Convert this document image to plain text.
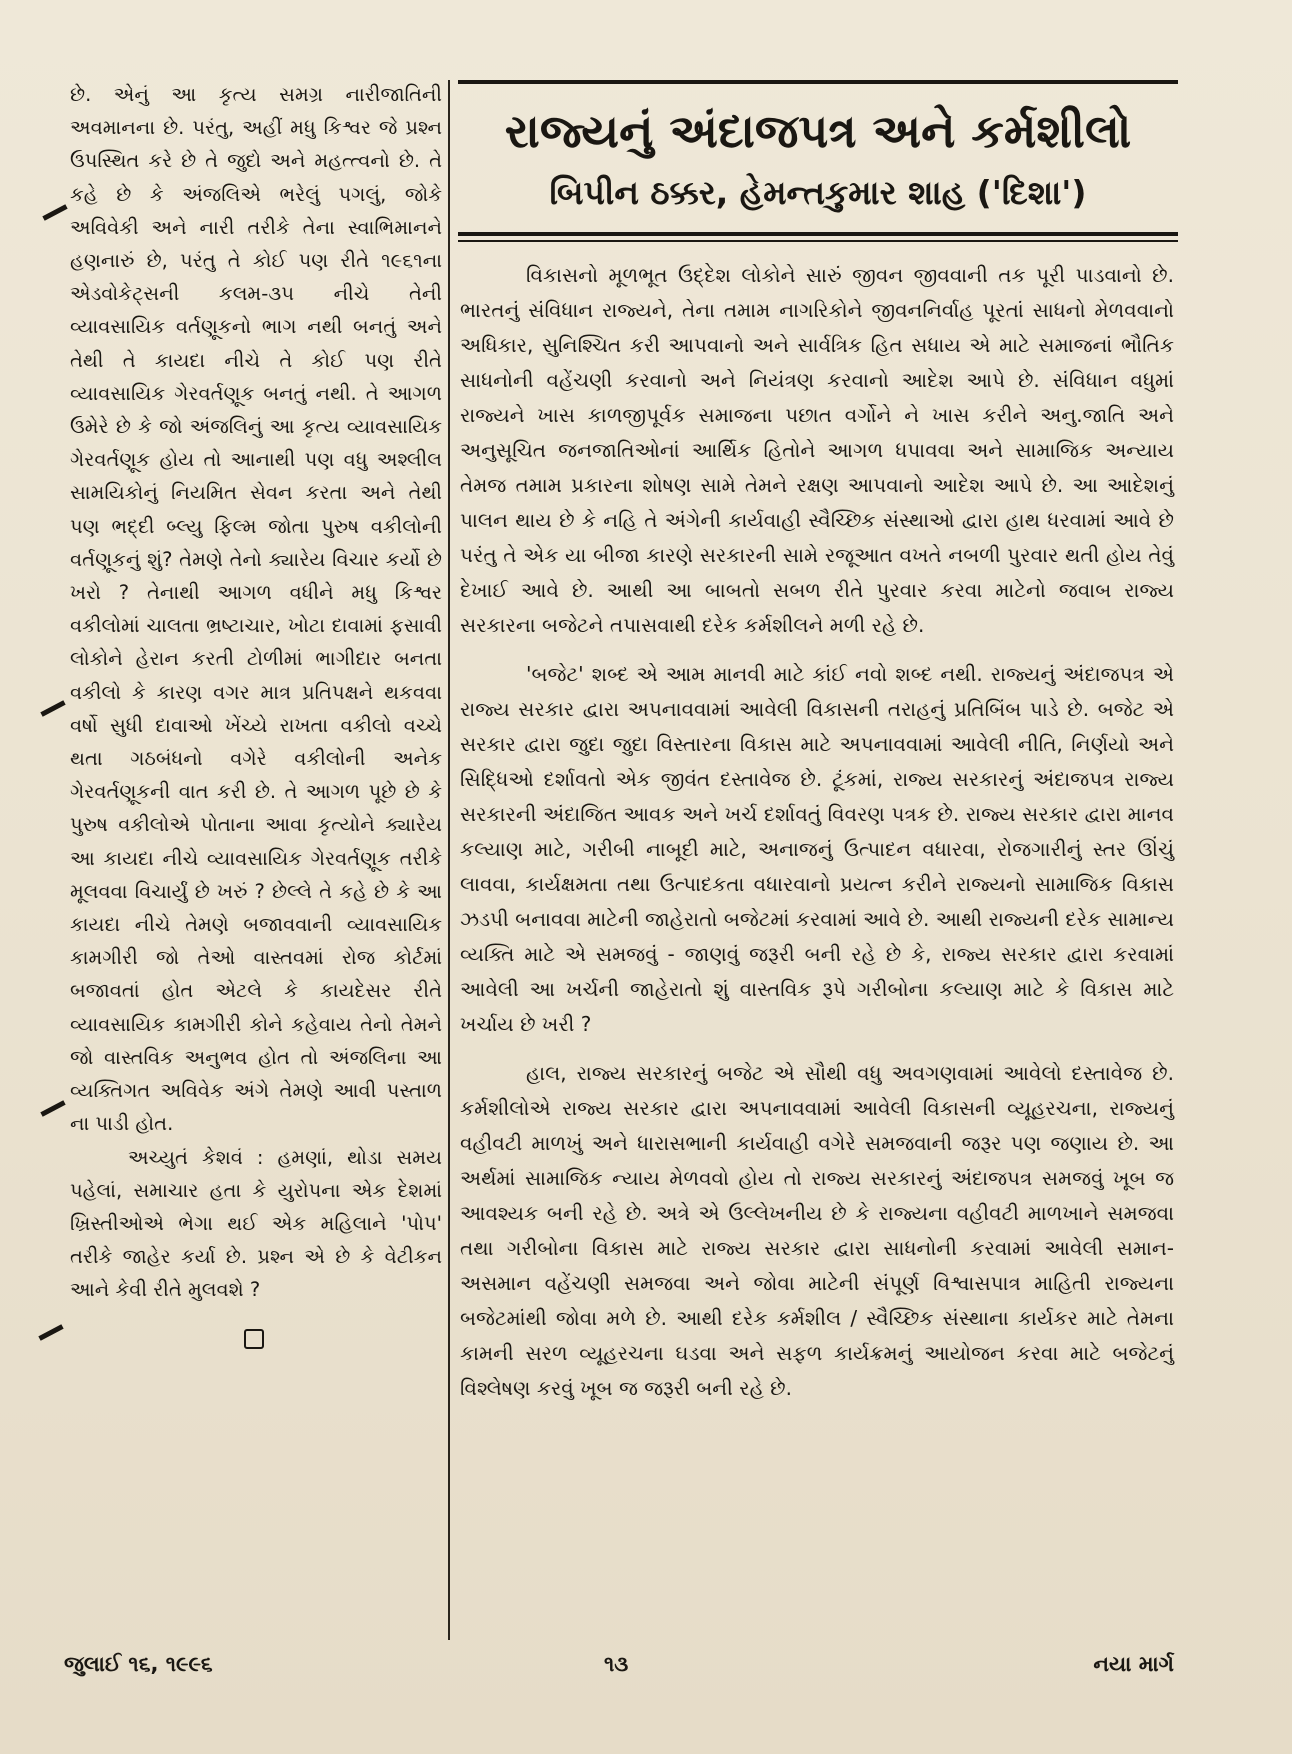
છે. એનું આ કૃત્ય સમગ્ર નારીજાતિની અવમાનના છે. પરંતુ, અહીં મધુ કિશ્વર જે પ્રશ્ન ઉપસ્થિત કરે છે તે જુદો અને મહત્ત્વનો છે. તે કહે છે કે અંજલિએ ભરેલું પગલું, જોકે અવિવેકી અને નારી તરીકે તેના સ્વાભિમાનને હણનારું છે, પરંતુ તે કોઈ પણ રીતે ૧૯૬૧ના એડવોકેટ્સની કલમ-૩૫ નીચે તેની વ્યાવસાયિક વર્તણૂકનો ભાગ નથી બનતું અને તેથી તે કાયદા નીચે તે કોઈ પણ રીતે વ્યાવસાયિક ગેરવર્તણૂક બનતું નથી. તે આગળ ઉમેરે છે કે જો અંજલિનું આ કૃત્ય વ્યાવસાયિક ગેરવર્તણૂક હોય તો આનાથી પણ વધુ અશ્લીલ સામયિકોનું નિયમિત સેવન કરતા અને તેથી પણ ભદ્દી બ્લ્યુ ફિલ્મ જોતા પુરુષ વકીલોની વર્તણૂકનું શું? તેમણે તેનો ક્યારેય વિચાર કર્યો છે ખરો ? તેનાથી આગળ વધીને મધુ કિશ્વર વકીલોમાં ચાલતા ભ્રષ્ટાચાર, ખોટા દાવામાં ફસાવી લોકોને હેરાન કરતી ટોળીમાં ભાગીદાર બનતા વકીલો કે કારણ વગર માત્ર પ્રતિપક્ષને થકવવા વર્ષો સુધી દાવાઓ ખેંચ્યે રાખતા વકીલો વચ્ચે થતા ગઠબંધનો વગેરે વકીલોની અનેક ગેરવર્તણૂકની વાત કરી છે. તે આગળ પૂછે છે કે પુરુષ વકીલોએ પોતાના આવા કૃત્યોને ક્યારેય આ કાયદા નીચે વ્યાવસાયિક ગેરવર્તણૂક તરીકે મૂલવવા વિચાર્યું છે ખરું ? છેલ્લે તે કહે છે કે આ કાયદા નીચે તેમણે બજાવવાની વ્યાવસાયિક કામગીરી જો તેઓ વાસ્તવમાં રોજ કોર્ટમાં બજાવતાં હોત એટલે કે કાયદેસર રીતે વ્યાવસાયિક કામગીરી કોને કહેવાય તેનો તેમને જો વાસ્તવિક અનુભવ હોત તો અંજલિના આ વ્યક્તિગત અવિવેક અંગે તેમણે આવી પસ્તાળ ના પાડી હોત.

અચ્યુતં કેશવં : હમણાં, થોડા સમય પહેલાં, સમાચાર હતા કે યુરોપના એક દેશમાં ખ્રિસ્તીઓએ ભેગા થઈ એક મહિલાને 'પોપ' તરીકે જાહેર કર્યા છે. પ્રશ્ન એ છે કે વેટીકન આને કેવી રીતે મુલવશે ?

રાજ્યનું અંદાજપત્ર અને કર્મશીલો
બિપીન ઠક્કર, હેમન્તકુમાર શાહ ('દિશા')

વિકાસનો મૂળભૂત ઉદ્દેશ લોકોને સારું જીવન જીવવાની તક પૂરી પાડવાનો છે. ભારતનું સંવિધાન રાજ્યને, તેના તમામ નાગરિકોને જીવનનિર્વાહ પૂરતાં સાધનો મેળવવાનો અધિકાર, સુનિશ્ચિત કરી આપવાનો અને સાર્વત્રિક હિત સધાય એ માટે સમાજનાં ભૌતિક સાધનોની વહેંચણી કરવાનો અને નિયંત્રણ કરવાનો આદેશ આપે છે. સંવિધાન વધુમાં રાજ્યને ખાસ કાળજીપૂર્વક સમાજના પછાત વર્ગોને ને ખાસ કરીને અનુ.જાતિ અને અનુસૂચિત જનજાતિઓનાં આર્થિક હિતોને આગળ ધપાવવા અને સામાજિક અન્યાય તેમજ તમામ પ્રકારના શોષણ સામે તેમને રક્ષણ આપવાનો આદેશ આપે છે. આ આદેશનું પાલન થાય છે કે નહિ તે અંગેની કાર્યવાહી સ્વૈચ્છિક સંસ્થાઓ દ્વારા હાથ ધરવામાં આવે છે પરંતુ તે એક યા બીજા કારણે સરકારની સામે રજૂઆત વખતે નબળી પુરવાર થતી હોય તેવું દેખાઈ આવે છે. આથી આ બાબતો સબળ રીતે પુરવાર કરવા માટેનો જવાબ રાજ્ય સરકારના બજેટને તપાસવાથી દરેક કર્મશીલને મળી રહે છે.

'બજેટ' શબ્દ એ આમ માનવી માટે કાંઈ નવો શબ્દ નથી. રાજ્યનું અંદાજપત્ર એ રાજ્ય સરકાર દ્વારા અપનાવવામાં આવેલી વિકાસની તરાહનું પ્રતિબિંબ પાડે છે. બજેટ એ સરકાર દ્વારા જુદા જુદા વિસ્તારના વિકાસ માટે અપનાવવામાં આવેલી નીતિ, નિર્ણયો અને સિદ્ધિઓ દર્શાવતો એક જીવંત દસ્તાવેજ છે. ટૂંકમાં, રાજ્ય સરકારનું અંદાજપત્ર રાજ્ય સરકારની અંદાજિત આવક અને ખર્ચ દર્શાવતું વિવરણ પત્રક છે. રાજ્ય સરકાર દ્વારા માનવ કલ્યાણ માટે, ગરીબી નાબૂદી માટે, અનાજનું ઉત્પાદન વધારવા, રોજગારીનું સ્તર ઊંચું લાવવા, કાર્યક્ષમતા તથા ઉત્પાદકતા વધારવાનો પ્રયત્ન કરીને રાજ્યનો સામાજિક વિકાસ ઝડપી બનાવવા માટેની જાહેરાતો બજેટમાં કરવામાં આવે છે. આથી રાજ્યની દરેક સામાન્ય વ્યક્તિ માટે એ સમજવું - જાણવું જરૂરી બની રહે છે કે, રાજ્ય સરકાર દ્વારા કરવામાં આવેલી આ ખર્ચની જાહેરાતો શું વાસ્તવિક રૂપે ગરીબોના કલ્યાણ માટે કે વિકાસ માટે ખર્ચાય છે ખરી ?

હાલ, રાજ્ય સરકારનું બજેટ એ સૌથી વધુ અવગણવામાં આવેલો દસ્તાવેજ છે. કર્મશીલોએ રાજ્ય સરકાર દ્વારા અપનાવવામાં આવેલી વિકાસની વ્યૂહરચના, રાજ્યનું વહીવટી માળખું અને ધારાસભાની કાર્યવાહી વગેરે સમજવાની જરૂર પણ જણાય છે. આ અર્થમાં સામાજિક ન્યાય મેળવવો હોય તો રાજ્ય સરકારનું અંદાજપત્ર સમજવું ખૂબ જ આવશ્યક બની રહે છે. અત્રે એ ઉલ્લેખનીય છે કે રાજ્યના વહીવટી માળખાને સમજવા તથા ગરીબોના વિકાસ માટે રાજ્ય સરકાર દ્વારા સાધનોની કરવામાં આવેલી સમાન-અસમાન વહેંચણી સમજવા અને જોવા માટેની સંપૂર્ણ વિશ્વાસપાત્ર માહિતી રાજ્યના બજેટમાંથી જોવા મળે છે. આથી દરેક કર્મશીલ / સ્વૈચ્છિક સંસ્થાના કાર્યકર માટે તેમના કામની સરળ વ્યૂહરચના ઘડવા અને સફળ કાર્યક્રમનું આયોજન કરવા માટે બજેટનું વિશ્લેષણ કરવું ખૂબ જ જરૂરી બની રહે છે.

જુલાઈ ૧૬, ૧૯૯૬	૧૩	નયા માર્ગ
